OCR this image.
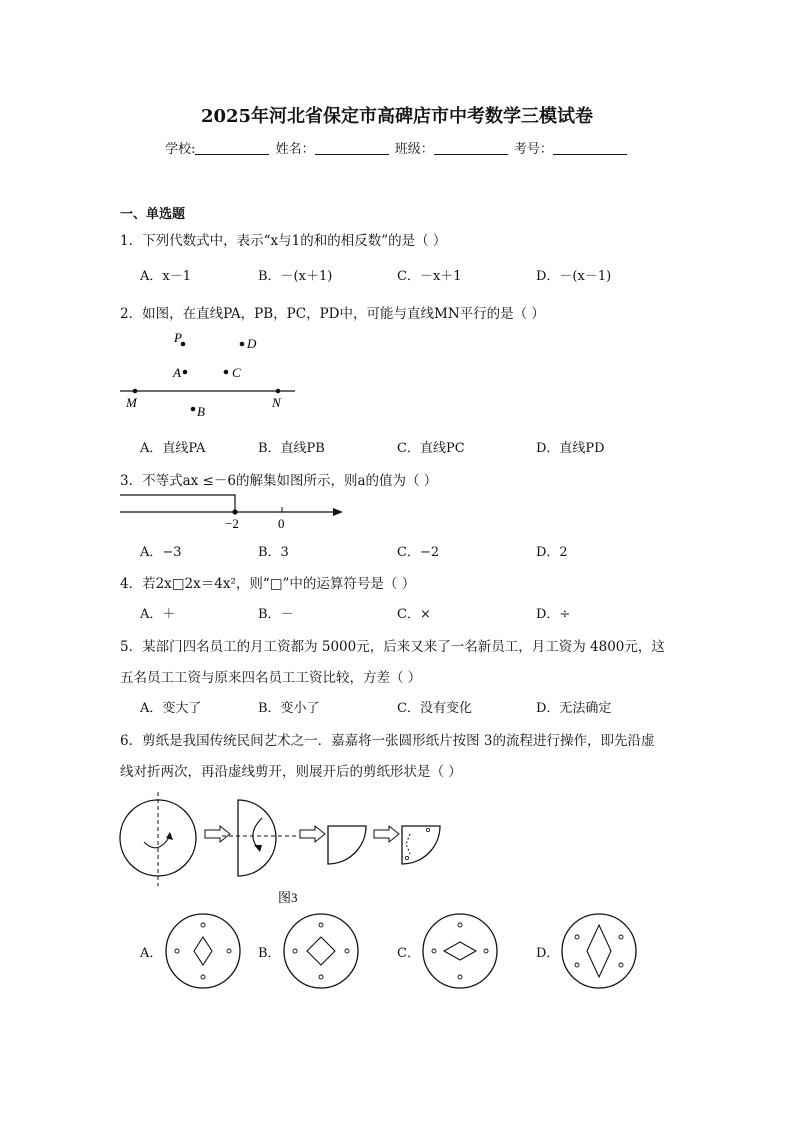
2025年河北省保定市高碑店市中考数学三模试卷
学校:	姓名：	班级：	考号：
一、单选题
1．下列代数式中，表示“x与1的和的相反数”的是（ ）
A．x－1	B．－(x＋1)	C．－x＋1	D．－(x－1)
2．如图，在直线PA，PB，PC，PD中，可能与直线MN平行的是（ ）
P	D
A	C
M	N
B
A．直线PA	B．直线PB	C．直线PC	D．直线PD
3．不等式ax ≤－6的解集如图所示，则a的值为（ ）
−2	0
A．−3	B．3	C．−2	D．2
4．若2x□2x＝4x²，则“□”中的运算符号是（ ）
A．＋	B．－	C．×	D．÷
5．某部门四名员工的月工资都为 5000元，后来又来了一名新员工，月工资为 4800元，这
五名员工工资与原来四名员工工资比较，方差（ ）
A．变大了	B．变小了	C．没有变化	D．无法确定
6．剪纸是我国传统民间艺术之一．嘉嘉将一张圆形纸片按图 3的流程进行操作，即先沿虚
线对折两次，再沿虚线剪开，则展开后的剪纸形状是（ ）
图3
A．	B．	C．	D．
